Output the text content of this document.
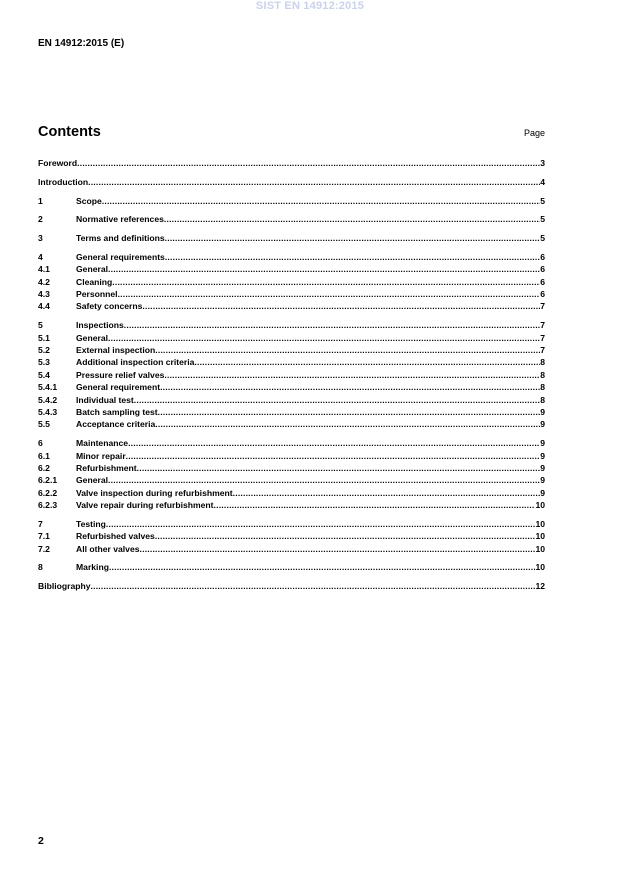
SIST EN 14912:2015
EN 14912:2015 (E)
Contents	Page
Foreword .....	3
Introduction .....	4
1	Scope .....	5
2	Normative references .....	5
3	Terms and definitions .....	5
4	General requirements .....	6
4.1	General .....	6
4.2	Cleaning .....	6
4.3	Personnel .....	6
4.4	Safety concerns .....	7
5	Inspections .....	7
5.1	General .....	7
5.2	External inspection .....	7
5.3	Additional inspection criteria .....	8
5.4	Pressure relief valves .....	8
5.4.1	General requirement .....	8
5.4.2	Individual test .....	8
5.4.3	Batch sampling test .....	9
5.5	Acceptance criteria .....	9
6	Maintenance .....	9
6.1	Minor repair .....	9
6.2	Refurbishment .....	9
6.2.1	General .....	9
6.2.2	Valve inspection during refurbishment .....	9
6.2.3	Valve repair during refurbishment .....	10
7	Testing .....	10
7.1	Refurbished valves .....	10
7.2	All other valves .....	10
8	Marking .....	10
Bibliography .....	12
2
